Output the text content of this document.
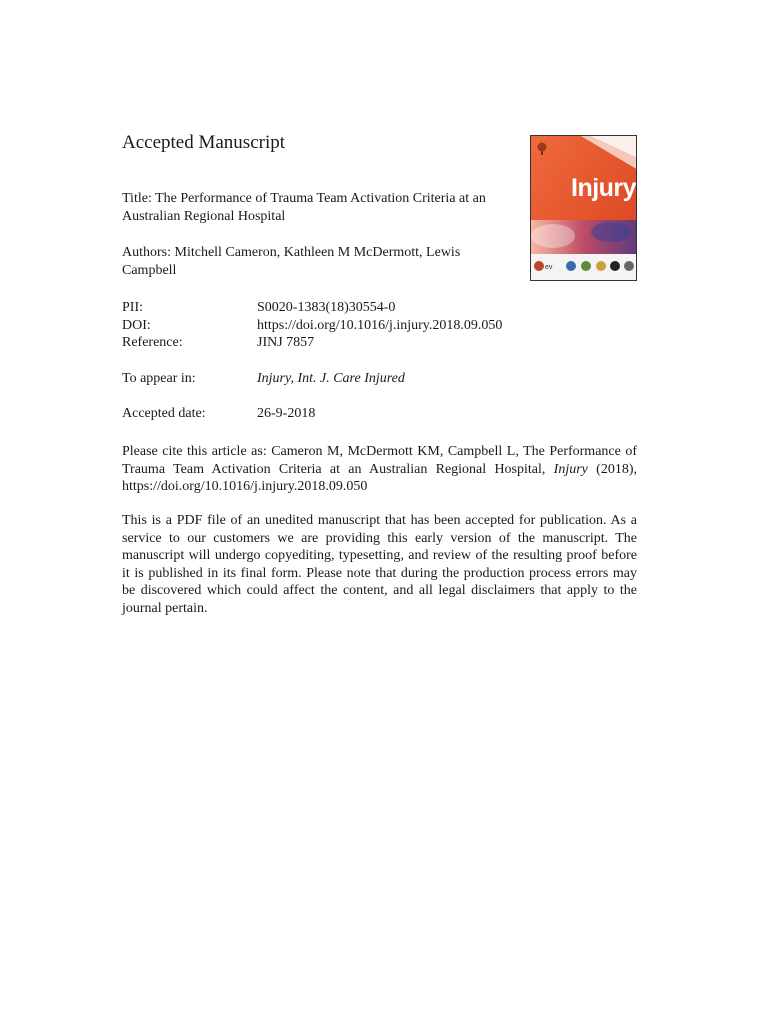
Accepted Manuscript
Title: The Performance of Trauma Team Activation Criteria at an Australian Regional Hospital
Authors: Mitchell Cameron, Kathleen M McDermott, Lewis Campbell
PII:	S0020-1383(18)30554-0
DOI:	https://doi.org/10.1016/j.injury.2018.09.050
Reference:	JINJ 7857
To appear in:	Injury, Int. J. Care Injured
Accepted date:	26-9-2018
Please cite this article as: Cameron M, McDermott KM, Campbell L, The Performance of Trauma Team Activation Criteria at an Australian Regional Hospital, Injury (2018), https://doi.org/10.1016/j.injury.2018.09.050
This is a PDF file of an unedited manuscript that has been accepted for publication. As a service to our customers we are providing this early version of the manuscript. The manuscript will undergo copyediting, typesetting, and review of the resulting proof before it is published in its final form. Please note that during the production process errors may be discovered which could affect the content, and all legal disclaimers that apply to the journal pertain.
Injury
ev
